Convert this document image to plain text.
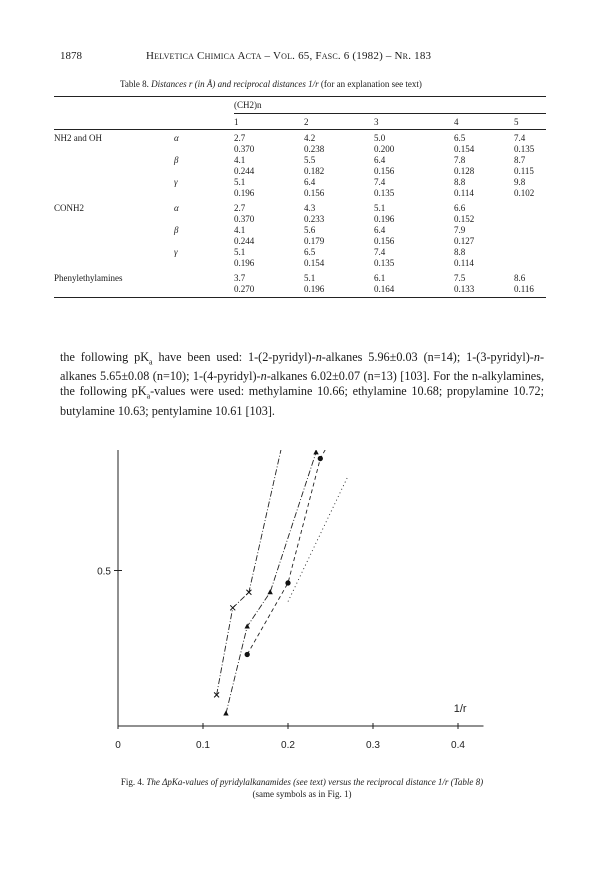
1878	Helvetica Chimica Acta – Vol. 65, Fasc. 6 (1982) – Nr. 183
Table 8. Distances r (in Å) and reciprocal distances 1/r (for an explanation see text)
(CH2)n
1	2	3	4	5
NH2 and OH	α	2.7	4.2	5.0	6.5	7.4
0.370	0.238	0.200	0.154	0.135
β	4.1	5.5	6.4	7.8	8.7
0.244	0.182	0.156	0.128	0.115
γ	5.1	6.4	7.4	8.8	9.8
0.196	0.156	0.135	0.114	0.102
CONH2	α	2.7	4.3	5.1	6.6
0.370	0.233	0.196	0.152
β	4.1	5.6	6.4	7.9
0.244	0.179	0.156	0.127
γ	5.1	6.5	7.4	8.8
0.196	0.154	0.135	0.114
Phenylethylamines	3.7	5.1	6.1	7.5	8.6
0.270	0.196	0.164	0.133	0.116
the following $pK_a$ have been used: 1-(2-pyridyl)-n-alkanes 5.96±0.03 (n=14); 1-(3-pyridyl)-n-alkanes 5.65±0.08 (n=10); 1-(4-pyridyl)-n-alkanes 6.02±0.07 (n=13) [103]. For the n-alkylamines, the following $pK_a$-values were used: methylamine 10.66; ethylamine 10.68; propylamine 10.72; butylamine 10.63; pentylamine 10.61 [103].
0	0.1	0.2	0.3	0.4
0.5
1/r
Fig. 4. The ΔpKa-values of pyridylalkanamides (see text) versus the reciprocal distance 1/r (Table 8)
(same symbols as in Fig. 1)
